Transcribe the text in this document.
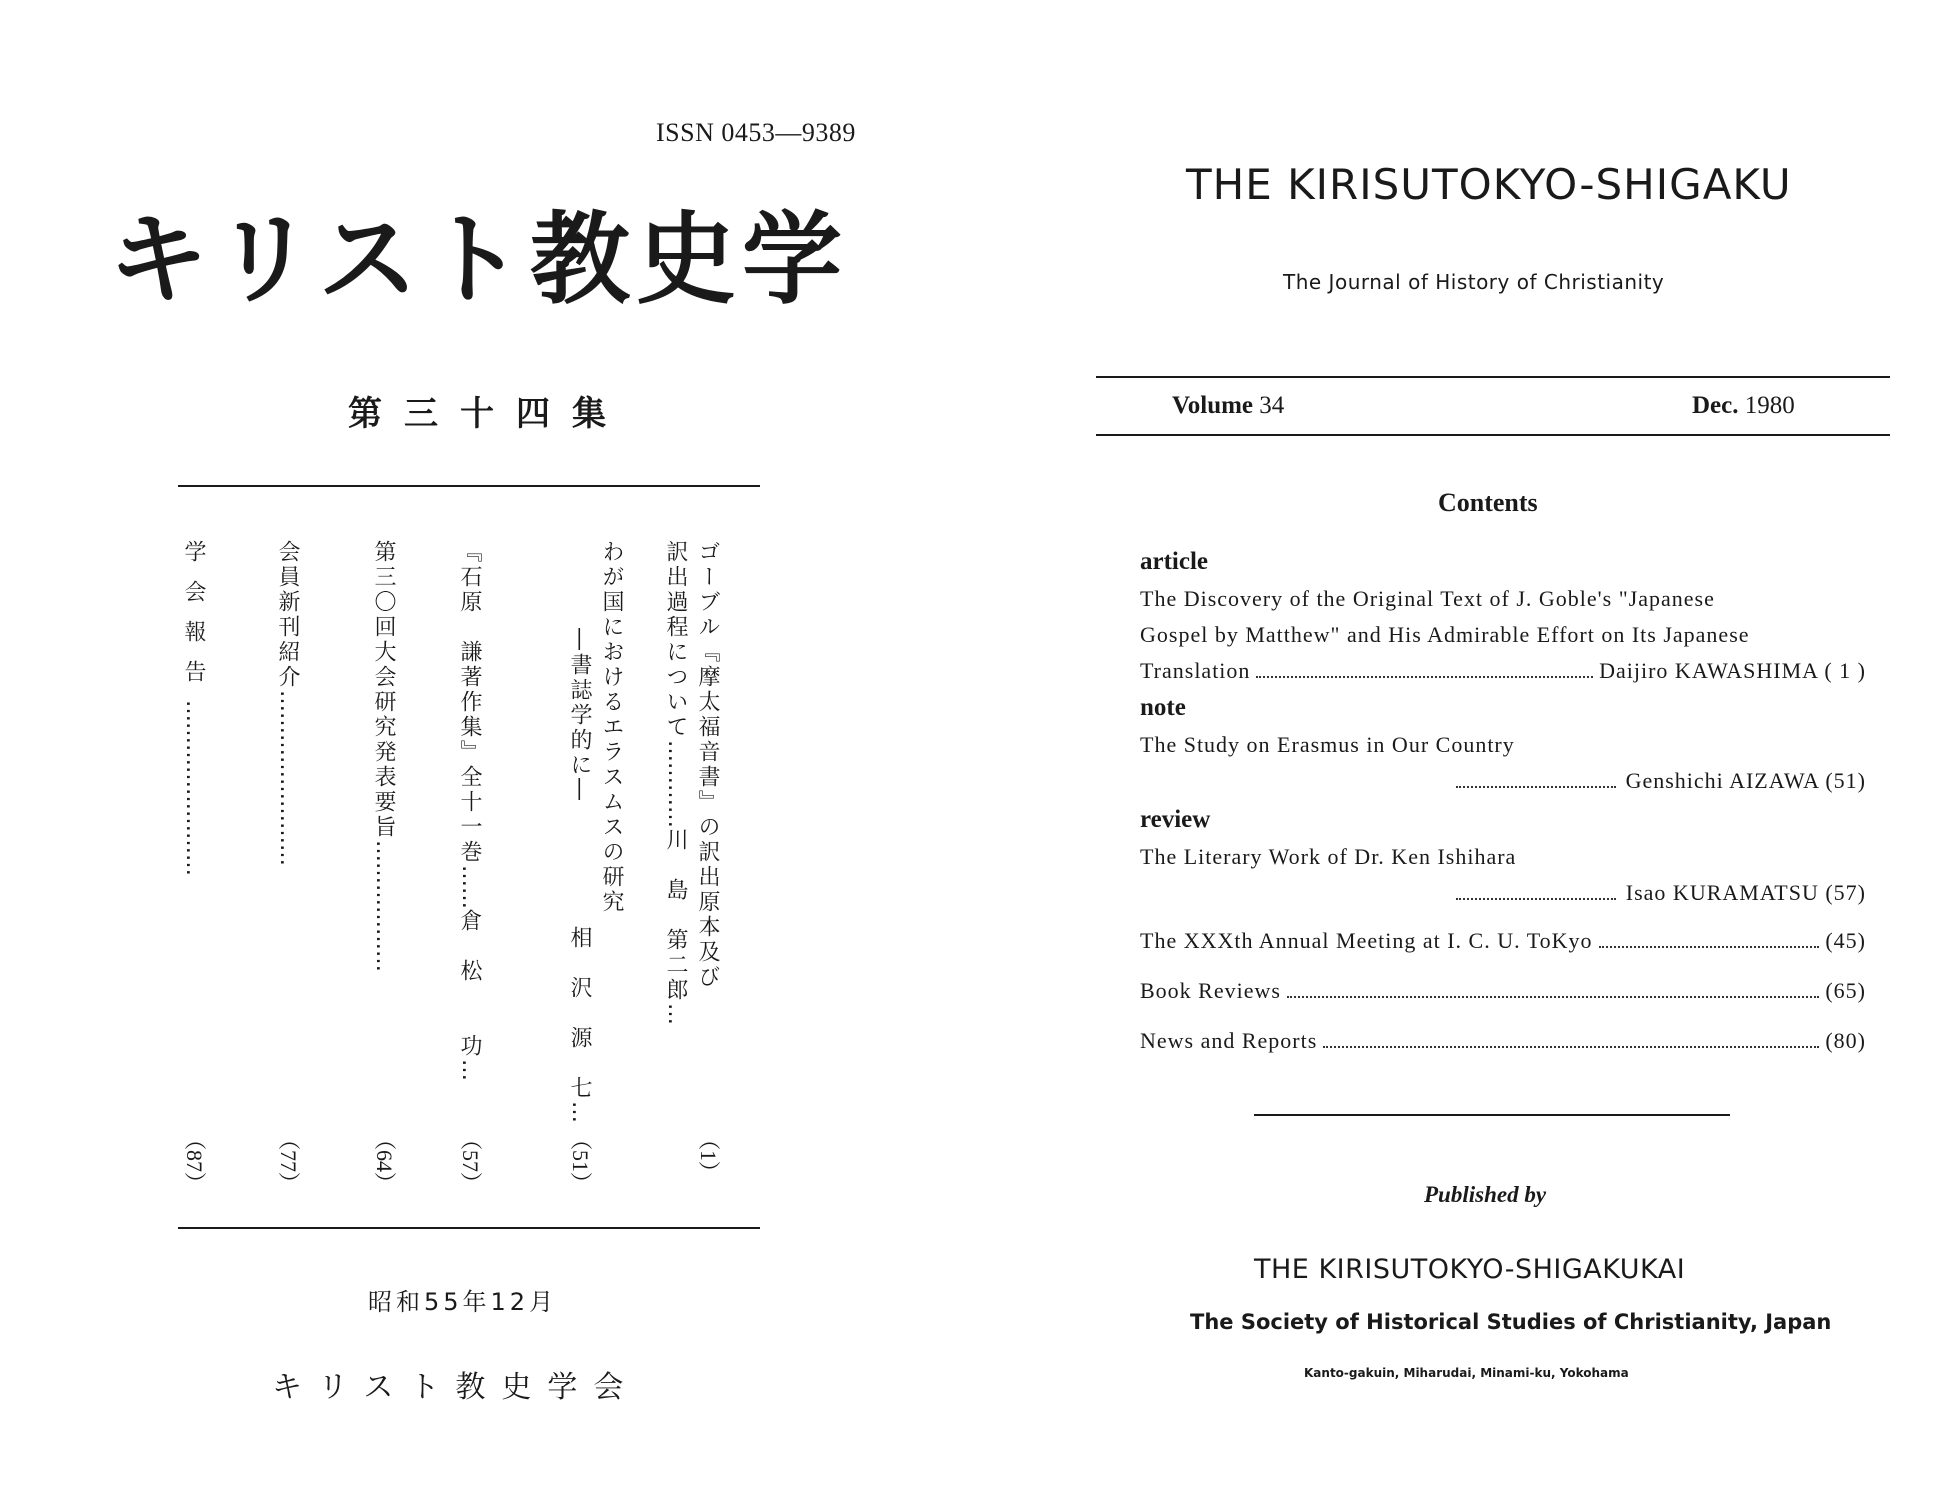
ISSN 0453―9389
キリスト教史学
第三十四集
ゴーブル『摩太福音書』の訳出原本及び
訳出過程について…………川　島　第二郎…
（1）
わが国におけるエラスムスの研究
―書誌学的に―
相　沢　源　七…
（51）
『石原　謙著作集』全十一巻……倉　松　　功…
（57）
第三〇回大会研究発表要旨………………
（64）
会員新刊紹介……………………
（77）
学会報告……………………
（87）
昭和55年12月
キリスト教史学会
THE KIRISUTOKYO-SHIGAKU
The Journal of History of Christianity
Volume 34	Dec. 1980
Contents
article
The Discovery of the Original Text of J. Goble's "Japanese
Gospel by Matthew" and His Admirable Effort on Its Japanese
Translation	Daijiro KAWASHIMA ( 1 )
note
The Study on Erasmus in Our Country
Genshichi AIZAWA (51)
review
The Literary Work of Dr. Ken Ishihara
Isao KURAMATSU (57)
The XXXth Annual Meeting at I. C. U. ToKyo	(45)
Book Reviews	(65)
News and Reports	(80)
Published by
THE KIRISUTOKYO-SHIGAKUKAI
The Society of Historical Studies of Christianity, Japan
Kanto-gakuin, Miharudai, Minami-ku, Yokohama
